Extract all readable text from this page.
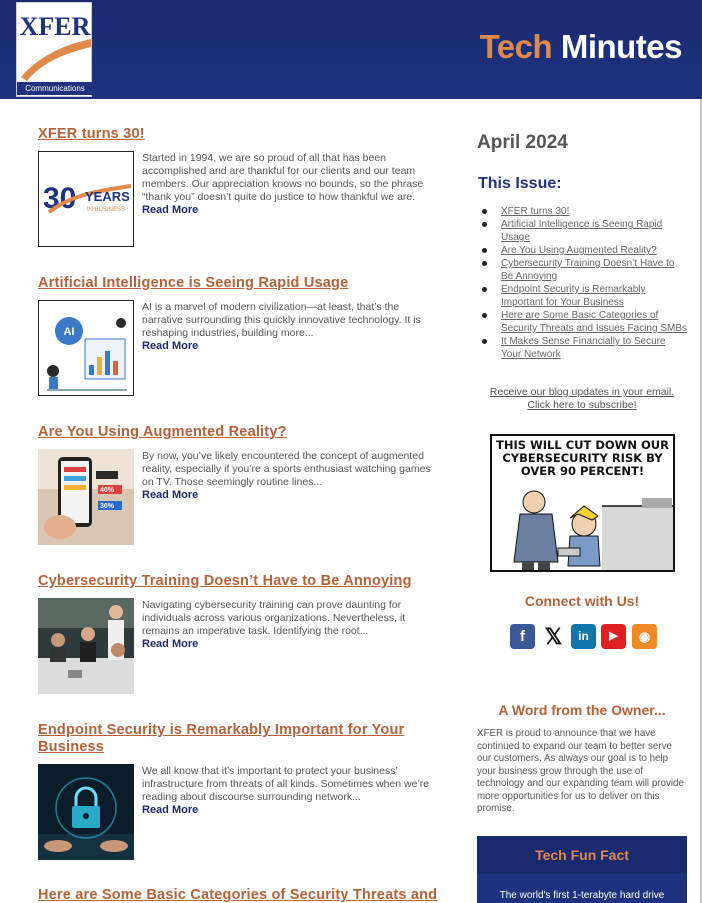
XFER
Communications
Tech Minutes
XFER turns 30!
30 YEARS
IN BUSINESS
Started in 1994, we are so proud of all that has been accomplished and are thankful for our clients and our team members. Our appreciation knows no bounds, so the phrase “thank you” doesn’t quite do justice to how thankful we are.
Read More
Artificial Intelligence is Seeing Rapid Usage
AI
AI is a marvel of modern civilization—at least, that’s the narrative surrounding this quickly innovative technology. It is reshaping industries, building more...
Read More
Are You Using Augmented Reality?
40%
30%
By now, you’ve likely encountered the concept of augmented reality, especially if you’re a sports enthusiast watching games on TV. Those seemingly routine lines...
Read More
Cybersecurity Training Doesn’t Have to Be Annoying
Navigating cybersecurity training can prove daunting for individuals across various organizations. Nevertheless, it remains an imperative task. Identifying the root...
Read More
Endpoint Security is Remarkably Important for Your Business
We all know that it’s important to protect your business’ infrastructure from threats of all kinds. Sometimes when we’re reading about discourse surrounding network...
Read More
Here are Some Basic Categories of Security Threats and
April 2024
This Issue:
XFER turns 30!
Artificial Intelligence is Seeing Rapid Usage
Are You Using Augmented Reality?
Cybersecurity Training Doesn’t Have to Be Annoying
Endpoint Security is Remarkably Important for Your Business
Here are Some Basic Categories of Security Threats and Issues Facing SMBs
It Makes Sense Financially to Secure Your Network
Receive our blog updates in your email.
Click here to subscribe!
THIS WILL CUT DOWN OUR CYBERSECURITY RISK BY OVER 90 PERCENT!
Connect with Us!
f 𝕏	in	▶	◉
A Word from the Owner...
XFER is proud to announce that we have continued to expand our team to better serve our customers. As always our goal is to help your business grow through the use of technology and our expanding team will provide more opportunities for us to deliver on this promise.
Tech Fun Fact

The world's first 1-terabyte hard drive
